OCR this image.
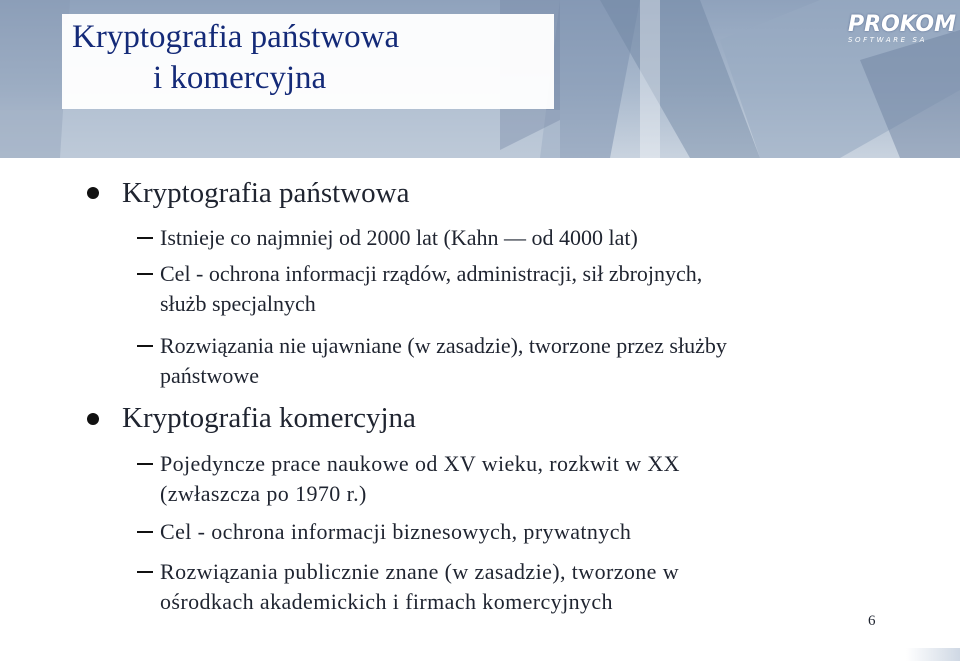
Kryptografia państwowa
i komercyjna
PROKOM
SOFTWARE SA
Kryptografia państwowa
Istnieje co najmniej od 2000 lat (Kahn — od 4000 lat)
Cel - ochrona informacji rządów, administracji, sił zbrojnych,
służb specjalnych
Rozwiązania nie ujawniane (w zasadzie), tworzone przez służby
państwowe
Kryptografia komercyjna
Pojedyncze prace naukowe od XV wieku, rozkwit w XX
(zwłaszcza po 1970 r.)
Cel - ochrona informacji biznesowych, prywatnych
Rozwiązania publicznie znane (w zasadzie), tworzone w
ośrodkach akademickich i firmach komercyjnych
6
